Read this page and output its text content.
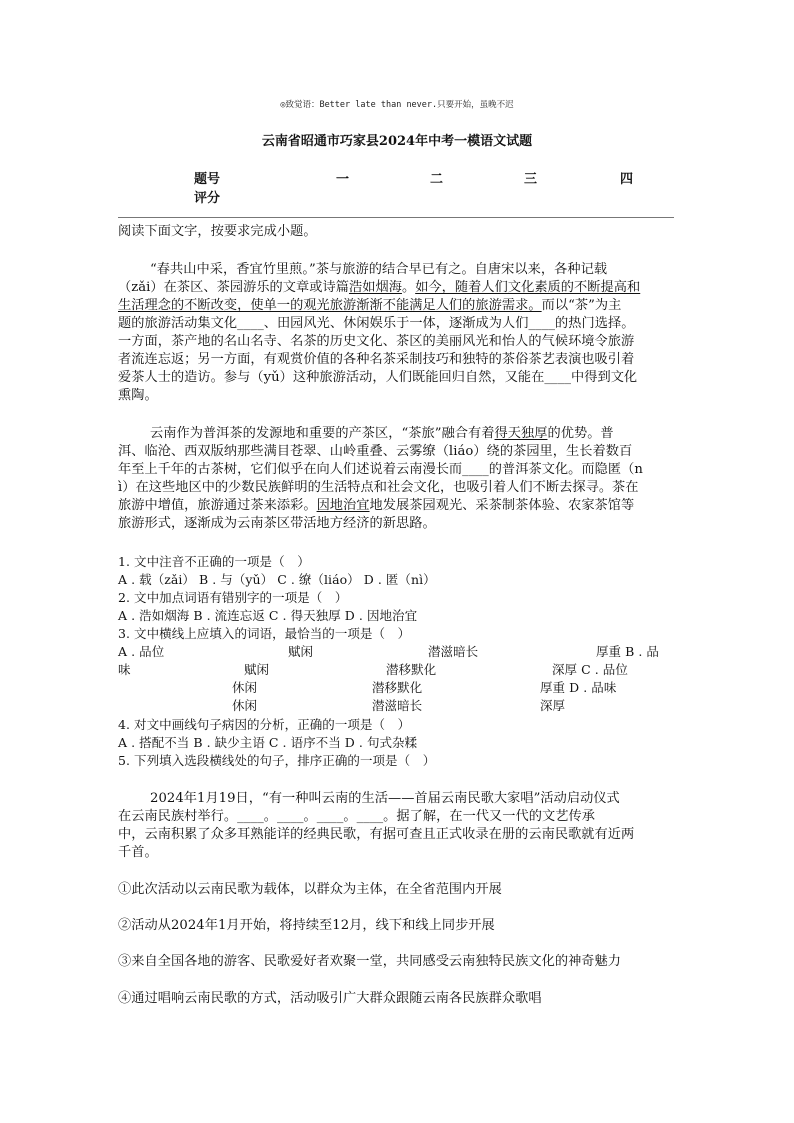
◎致觉语：Better late than never.只要开始，虽晚不迟
云南省昭通市巧家县2024年中考一模语文试题
题号	一	二	三	四
评分
阅读下面文字，按要求完成小题。
“春共山中采，香宜竹里煎。”茶与旅游的结合早已有之。自唐宋以来，各种记载
（zǎi）在茶区、茶园游乐的文章或诗篇浩如烟海。如今，随着人们文化素质的不断提高和
生活理念的不断改变，使单一的观光旅游渐渐不能满足人们的旅游需求。而以“茶”为主
题的旅游活动集文化____、田园风光、休闲娱乐于一体，逐渐成为人们____的热门选择。
一方面，茶产地的名山名寺、名茶的历史文化、茶区的美丽风光和怡人的气候环境令旅游
者流连忘返；另一方面，有观赏价值的各种名茶采制技巧和独特的茶俗茶艺表演也吸引着
爱茶人士的造访。参与（yǔ）这种旅游活动，人们既能回归自然，又能在____中得到文化
熏陶。
云南作为普洱茶的发源地和重要的产茶区，“茶旅”融合有着得天独厚的优势。普
洱、临沧、西双版纳那些满目苍翠、山岭重叠、云雾缭（liáo）绕的茶园里，生长着数百
年至上千年的古茶树，它们似乎在向人们述说着云南漫长而____的普洱茶文化。而隐匿（n
ì）在这些地区中的少数民族鲜明的生活特点和社会文化，也吸引着人们不断去探寻。茶在
旅游中增值，旅游通过茶来添彩。因地治宜地发展茶园观光、采茶制茶体验、农家茶馆等
旅游形式，逐渐成为云南茶区带活地方经济的新思路。
1. 文中注音不正确的一项是（　）
A . 载（zǎi） B . 与（yǔ） C . 缭（liáo） D . 匿（nì）
2. 文中加点词语有错别字的一项是（　）
A . 浩如烟海 B . 流连忘返 C . 得天独厚 D . 因地治宜
3. 文中横线上应填入的词语，最恰当的一项是（　）
A . 品位	赋闲	潜滋暗长	厚重 B . 品
味	赋闲	潜移默化	深厚 C . 品位
休闲	潜移默化	厚重 D . 品味
休闲	潜滋暗长	深厚
4. 对文中画线句子病因的分析，正确的一项是（　）
A . 搭配不当 B . 缺少主语 C . 语序不当 D . 句式杂糅
5. 下列填入选段横线处的句子，排序正确的一项是（　）
2024年1月19日，“有一种叫云南的生活——首届云南民歌大家唱”活动启动仪式
在云南民族村举行。____。____。____。____。据了解，在一代又一代的文艺传承
中，云南积累了众多耳熟能详的经典民歌，有据可查且正式收录在册的云南民歌就有近两
千首。
①此次活动以云南民歌为载体，以群众为主体，在全省范围内开展
②活动从2024年1月开始，将持续至12月，线下和线上同步开展
③来自全国各地的游客、民歌爱好者欢聚一堂，共同感受云南独特民族文化的神奇魅力
④通过唱响云南民歌的方式，活动吸引广大群众跟随云南各民族群众歌唱
